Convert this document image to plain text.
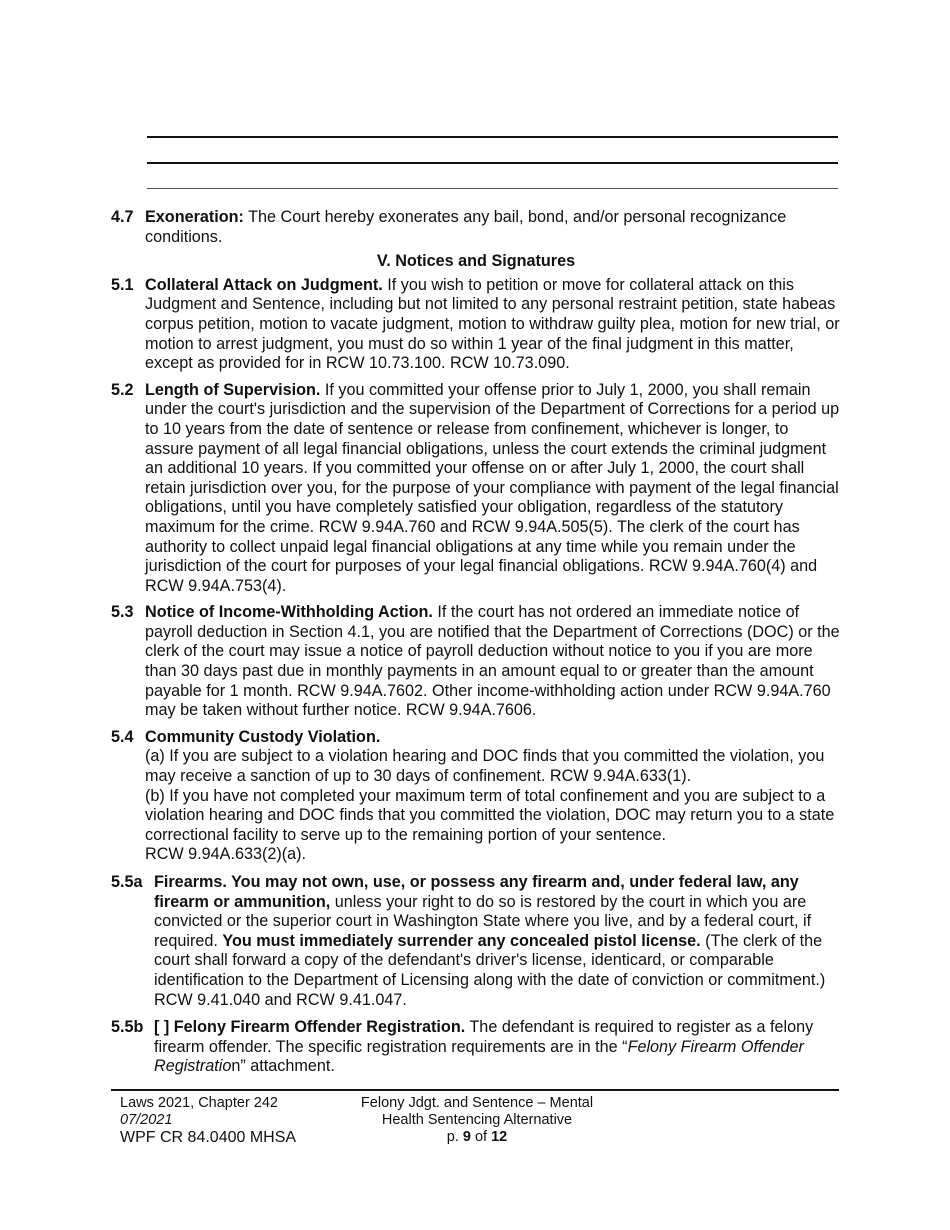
4.7 Exoneration: The Court hereby exonerates any bail, bond, and/or personal recognizance conditions.
V. Notices and Signatures
5.1 Collateral Attack on Judgment. If you wish to petition or move for collateral attack on this Judgment and Sentence, including but not limited to any personal restraint petition, state habeas corpus petition, motion to vacate judgment, motion to withdraw guilty plea, motion for new trial, or motion to arrest judgment, you must do so within 1 year of the final judgment in this matter, except as provided for in RCW 10.73.100. RCW 10.73.090.
5.2 Length of Supervision. If you committed your offense prior to July 1, 2000, you shall remain under the court's jurisdiction and the supervision of the Department of Corrections for a period up to 10 years from the date of sentence or release from confinement, whichever is longer, to assure payment of all legal financial obligations, unless the court extends the criminal judgment an additional 10 years. If you committed your offense on or after July 1, 2000, the court shall retain jurisdiction over you, for the purpose of your compliance with payment of the legal financial obligations, until you have completely satisfied your obligation, regardless of the statutory maximum for the crime. RCW 9.94A.760 and RCW 9.94A.505(5). The clerk of the court has authority to collect unpaid legal financial obligations at any time while you remain under the jurisdiction of the court for purposes of your legal financial obligations. RCW 9.94A.760(4) and RCW 9.94A.753(4).
5.3 Notice of Income-Withholding Action. If the court has not ordered an immediate notice of payroll deduction in Section 4.1, you are notified that the Department of Corrections (DOC) or the clerk of the court may issue a notice of payroll deduction without notice to you if you are more than 30 days past due in monthly payments in an amount equal to or greater than the amount payable for 1 month. RCW 9.94A.7602. Other income-withholding action under RCW 9.94A.760 may be taken without further notice. RCW 9.94A.7606.
5.4 Community Custody Violation.
(a) If you are subject to a violation hearing and DOC finds that you committed the violation, you may receive a sanction of up to 30 days of confinement. RCW 9.94A.633(1).
(b) If you have not completed your maximum term of total confinement and you are subject to a violation hearing and DOC finds that you committed the violation, DOC may return you to a state correctional facility to serve up to the remaining portion of your sentence.
RCW 9.94A.633(2)(a).
5.5a Firearms. You may not own, use, or possess any firearm and, under federal law, any firearm or ammunition, unless your right to do so is restored by the court in which you are convicted or the superior court in Washington State where you live, and by a federal court, if required. You must immediately surrender any concealed pistol license. (The clerk of the court shall forward a copy of the defendant's driver's license, identicard, or comparable identification to the Department of Licensing along with the date of conviction or commitment.) RCW 9.41.040 and RCW 9.41.047.
5.5b [ ] Felony Firearm Offender Registration. The defendant is required to register as a felony firearm offender. The specific registration requirements are in the “Felony Firearm Offender Registration” attachment.
Laws 2021, Chapter 242
07/2021
WPF CR 84.0400 MHSA
Felony Jdgt. and Sentence – Mental
Health Sentencing Alternative
p. 9 of 12
